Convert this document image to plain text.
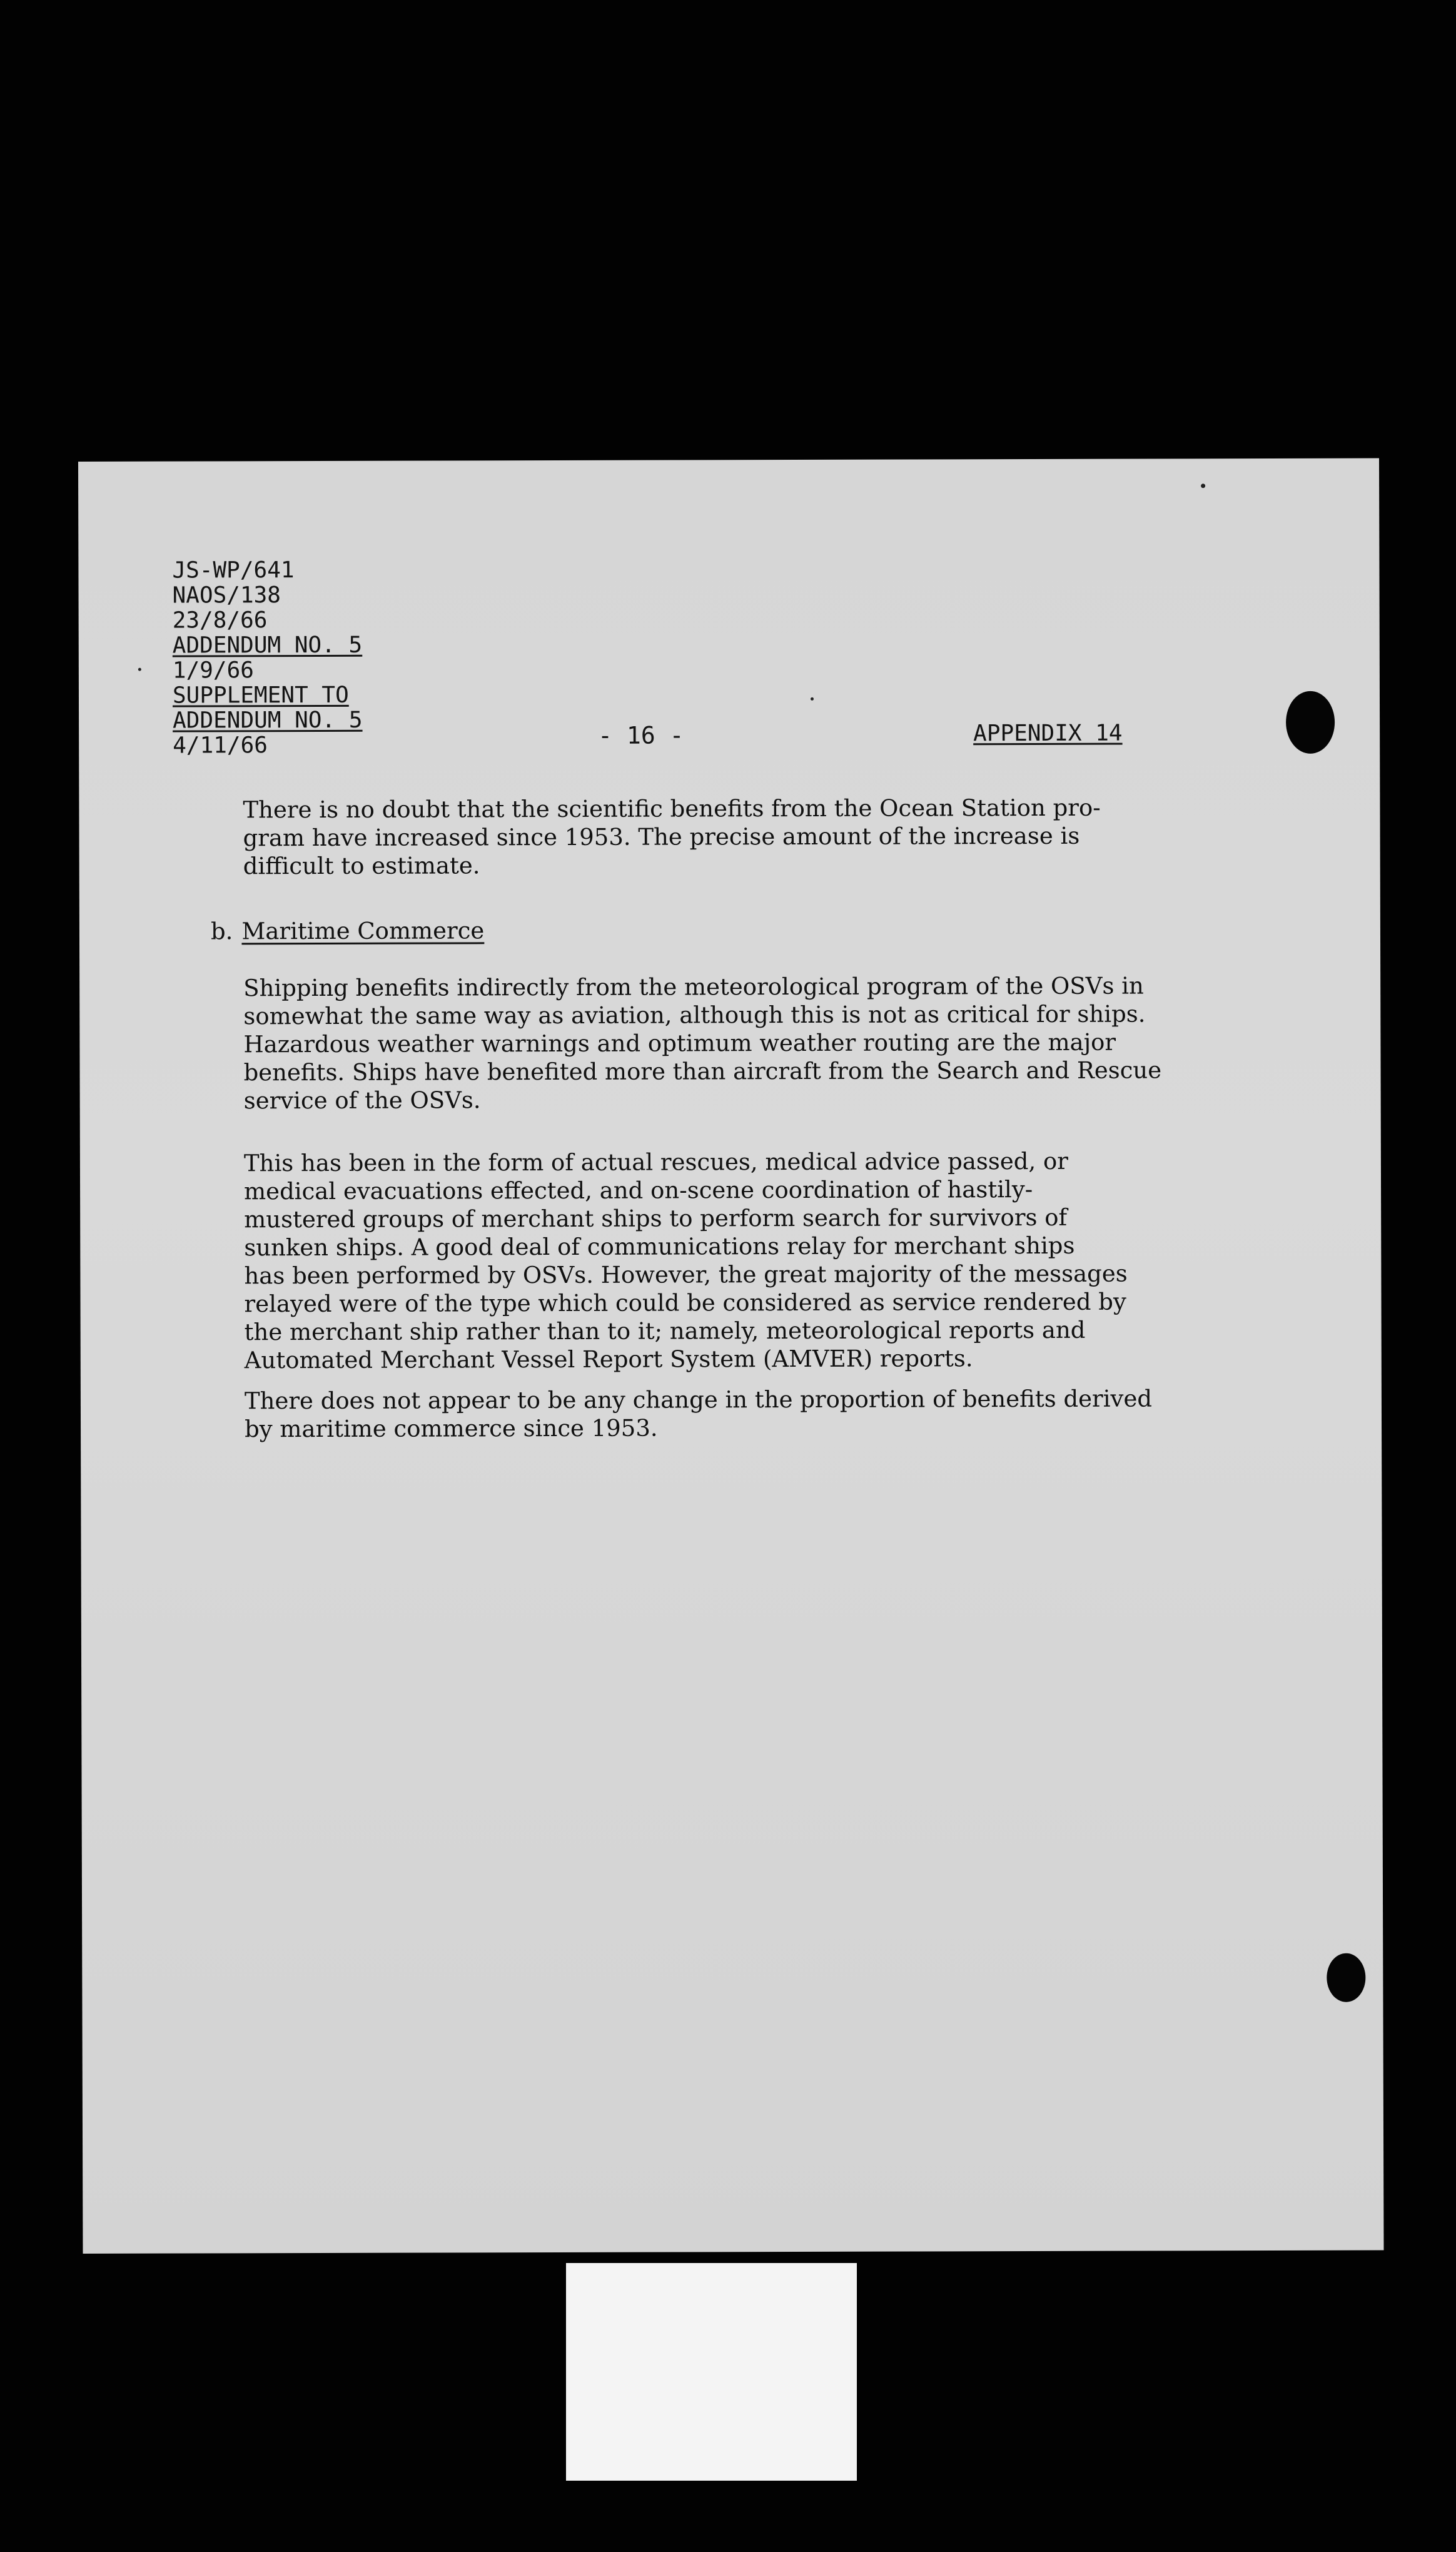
JS-WP/641
NAOS/138
23/8/66
ADDENDUM NO. 5
1/9/66
SUPPLEMENT TO
ADDENDUM NO. 5
4/11/66	- 16 -	APPENDIX 14
There is no doubt that the scientific benefits from the Ocean Station pro-
gram have increased since 1953. The precise amount of the increase is
difficult to estimate.
b. Maritime Commerce
Shipping benefits indirectly from the meteorological program of the OSVs in
somewhat the same way as aviation, although this is not as critical for ships.
Hazardous weather warnings and optimum weather routing are the major
benefits. Ships have benefited more than aircraft from the Search and Rescue
service of the OSVs.
This has been in the form of actual rescues, medical advice passed, or
medical evacuations effected, and on-scene coordination of hastily-
mustered groups of merchant ships to perform search for survivors of
sunken ships. A good deal of communications relay for merchant ships
has been performed by OSVs. However, the great majority of the messages
relayed were of the type which could be considered as service rendered by
the merchant ship rather than to it; namely, meteorological reports and
Automated Merchant Vessel Report System (AMVER) reports.
There does not appear to be any change in the proportion of benefits derived
by maritime commerce since 1953.
